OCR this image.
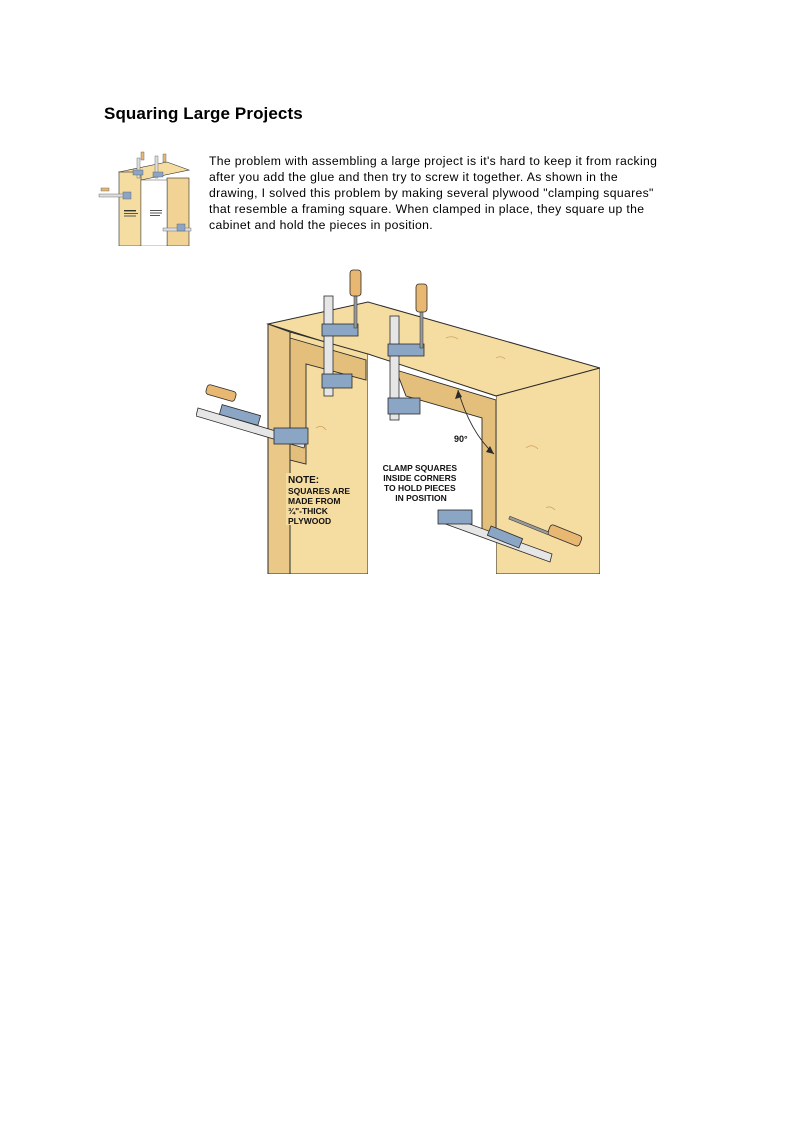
Squaring Large Projects
The problem with assembling a large project is it's hard to keep it from racking
after you add the glue and then try to screw it together. As shown in the
drawing, I solved this problem by making several plywood "clamping squares"
that resemble a framing square. When clamped in place, they square up the
cabinet and hold the pieces in position.
90°
NOTE: SQUARES ARE MADE FROM ¾"-THICK PLYWOOD
CLAMP SQUARES INSIDE CORNERS TO HOLD PIECES IN POSITION
